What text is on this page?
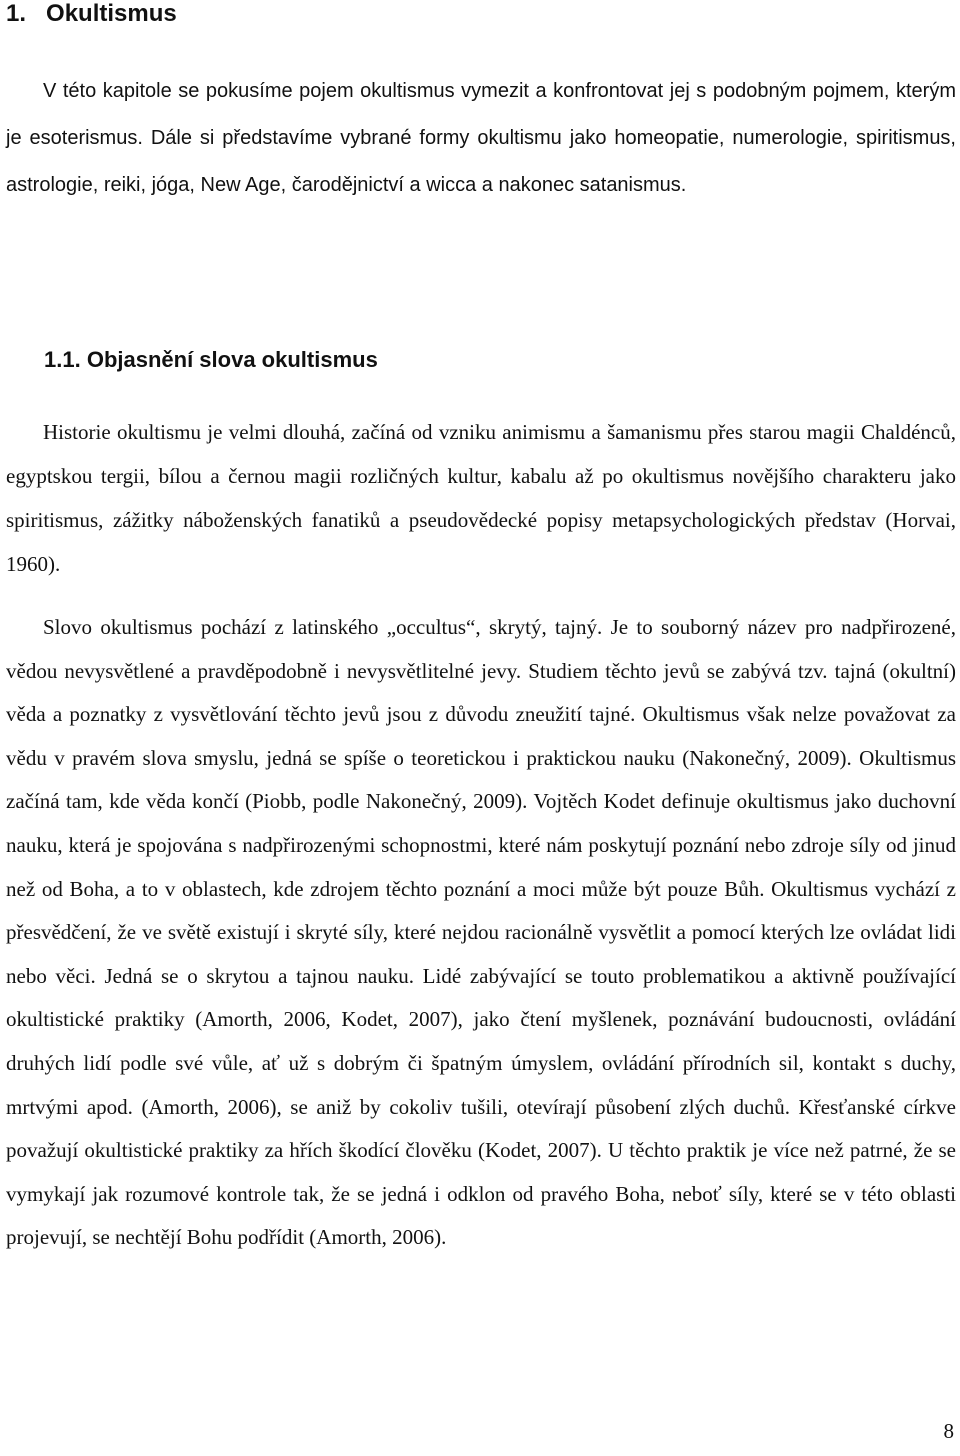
1. Okultismus

V této kapitole se pokusíme pojem okultismus vymezit a konfrontovat jej s podobným pojmem, kterým je esoterismus. Dále si představíme vybrané formy okultismu jako homeopatie, numerologie, spiritismus, astrologie, reiki, jóga, New Age, čarodějnictví a wicca a nakonec satanismus.

1.1. Objasnění slova okultismus

Historie okultismu je velmi dlouhá, začíná od vzniku animismu a šamanismu přes starou magii Chaldénců, egyptskou tergii, bílou a černou magii rozličných kultur, kabalu až po okultismus novějšího charakteru jako spiritismus, zážitky náboženských fanatiků a pseudovědecké popisy metapsychologických představ (Horvai, 1960).

Slovo okultismus pochází z latinského „occultus“, skrytý, tajný. Je to souborný název pro nadpřirozené, vědou nevysvětlené a pravděpodobně i nevysvětlitelné jevy. Studiem těchto jevů se zabývá tzv. tajná (okultní) věda a poznatky z vysvětlování těchto jevů jsou z důvodu zneužití tajné. Okultismus však nelze považovat za vědu v pravém slova smyslu, jedná se spíše o teoretickou i praktickou nauku (Nakonečný, 2009). Okultismus začíná tam, kde věda končí (Piobb, podle Nakonečný, 2009). Vojtěch Kodet definuje okultismus jako duchovní nauku, která je spojována s nadpřirozenými schopnostmi, které nám poskytují poznání nebo zdroje síly od jinud než od Boha, a to v oblastech, kde zdrojem těchto poznání a moci může být pouze Bůh. Okultismus vychází z přesvědčení, že ve světě existují i skryté síly, které nejdou racionálně vysvětlit a pomocí kterých lze ovládat lidi nebo věci. Jedná se o skrytou a tajnou nauku. Lidé zabývající se touto problematikou a aktivně používající okultistické praktiky (Amorth, 2006, Kodet, 2007), jako čtení myšlenek, poznávání budoucnosti, ovládání druhých lidí podle své vůle, ať už s dobrým či špatným úmyslem, ovládání přírodních sil, kontakt s duchy, mrtvými apod. (Amorth, 2006), se aniž by cokoliv tušili, otevírají působení zlých duchů. Křesťanské církve považují okultistické praktiky za hřích škodící člověku (Kodet, 2007). U těchto praktik je více než patrné, že se vymykají jak rozumové kontrole tak, že se jedná i odklon od pravého Boha, neboť síly, které se v této oblasti projevují, se nechtějí Bohu podřídit (Amorth, 2006).

8
